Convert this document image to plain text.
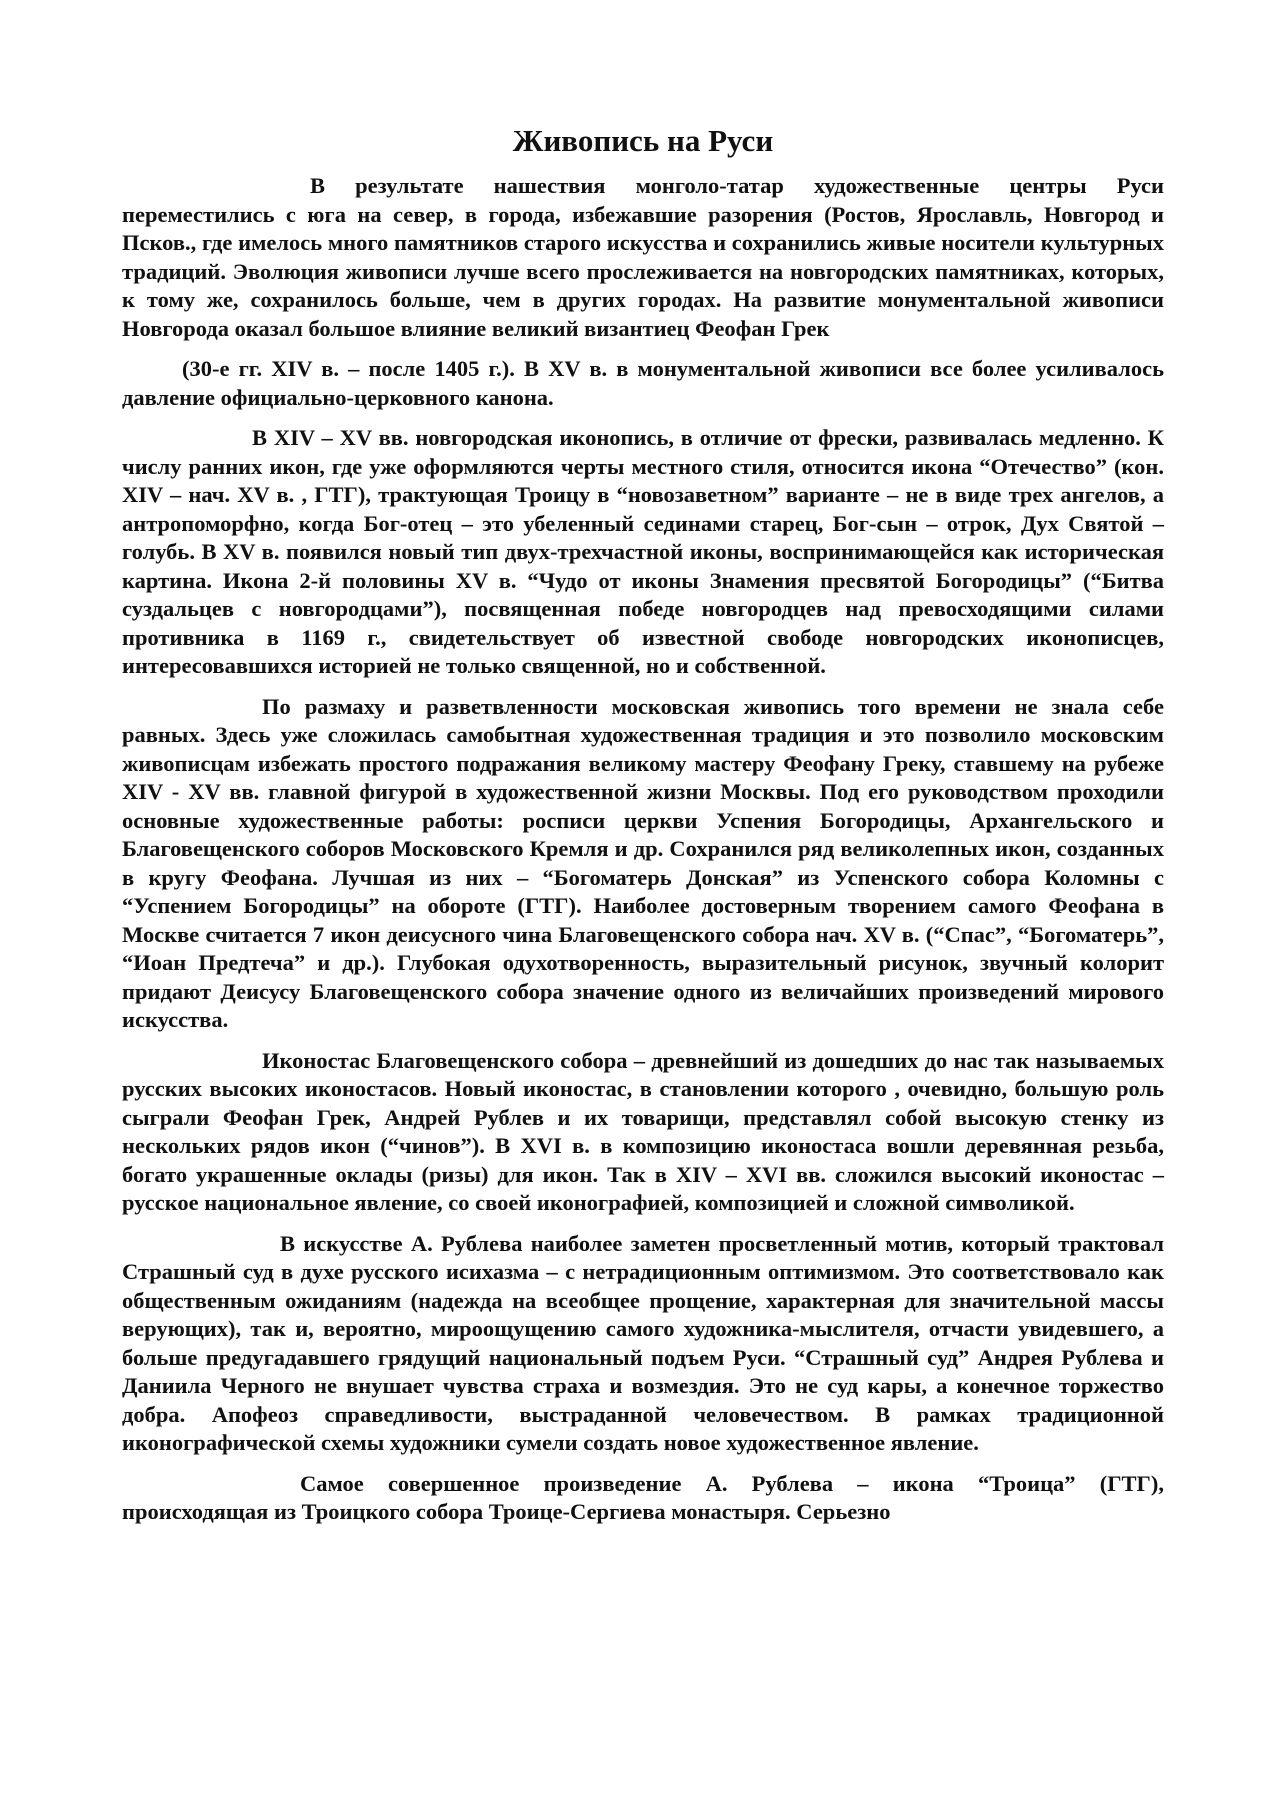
Живопись на Руси

В результате нашествия монголо-татар художественные центры Руси переместились с юга на север, в города, избежавшие разорения (Ростов, Ярославль, Новгород и Псков., где имелось много памятников старого искусства и сохранились живые носители культурных традиций. Эволюция живописи лучше всего прослеживается на новгородских памятниках, которых, к тому же, сохранилось больше, чем в других городах. На развитие монументальной живописи Новгорода оказал большое влияние великий византиец Феофан Грек

(30-е гг. XIV в. – после 1405 г.). В XV в. в монументальной живописи все более усиливалось давление официально-церковного канона.

В XIV – XV вв. новгородская иконопись, в отличие от фрески, развивалась медленно. К числу ранних икон, где уже оформляются черты местного стиля, относится икона “Отечество” (кон. XIV – нач. XV в. , ГТГ), трактующая Троицу в “новозаветном” варианте – не в виде трех ангелов, а антропоморфно, когда Бог-отец – это убеленный сединами старец, Бог-сын – отрок, Дух Святой – голубь. В XV в. появился новый тип двух-трехчастной иконы, воспринимающейся как историческая картина. Икона 2-й половины XV в. “Чудо от иконы Знамения пресвятой Богородицы” (“Битва суздальцев с новгородцами”), посвященная победе новгородцев над превосходящими силами противника в 1169 г., свидетельствует об известной свободе новгородских иконописцев, интересовавшихся историей не только священной, но и собственной.

По размаху и разветвленности московская живопись того времени не знала себе равных. Здесь уже сложилась самобытная художественная традиция и это позволило московским живописцам избежать простого подражания великому мастеру Феофану Греку, ставшему на рубеже XIV - XV вв. главной фигурой в художественной жизни Москвы. Под его руководством проходили основные художественные работы: росписи церкви Успения Богородицы, Архангельского и Благовещенского соборов Московского Кремля и др. Сохранился ряд великолепных икон, созданных в кругу Феофана. Лучшая из них – “Богоматерь Донская” из Успенского собора Коломны с “Успением Богородицы” на обороте (ГТГ). Наиболее достоверным творением самого Феофана в Москве считается 7 икон деисусного чина Благовещенского собора нач. XV в. (“Спас”, “Богоматерь”, “Иоан Предтеча” и др.). Глубокая одухотворенность, выразительный рисунок, звучный колорит придают Деисусу Благовещенского собора значение одного из величайших произведений мирового искусства.

Иконостас Благовещенского собора – древнейший из дошедших до нас так называемых русских высоких иконостасов. Новый иконостас, в становлении которого , очевидно, большую роль сыграли Феофан Грек, Андрей Рублев и их товарищи, представлял собой высокую стенку из нескольких рядов икон (“чинов”). В XVI в. в композицию иконостаса вошли деревянная резьба, богато украшенные оклады (ризы) для икон. Так в XIV – XVI вв. сложился высокий иконостас – русское национальное явление, со своей иконографией, композицией и сложной символикой.

В искусстве А. Рублева наиболее заметен просветленный мотив, который трактовал Страшный суд в духе русского исихазма – с нетрадиционным оптимизмом. Это соответствовало как общественным ожиданиям (надежда на всеобщее прощение, характерная для значительной массы верующих), так и, вероятно, мироощущению самого художника-мыслителя, отчасти увидевшего, а больше предугадавшего грядущий национальный подъем Руси. “Страшный суд” Андрея Рублева и Даниила Черного не внушает чувства страха и возмездия. Это не суд кары, а конечное торжество добра. Апофеоз справедливости, выстраданной человечеством. В рамках традиционной иконографической схемы художники сумели создать новое художественное явление.

Самое совершенное произведение А. Рублева – икона “Троица” (ГТГ), происходящая из Троицкого собора Троице-Сергиева монастыря. Серьезно
